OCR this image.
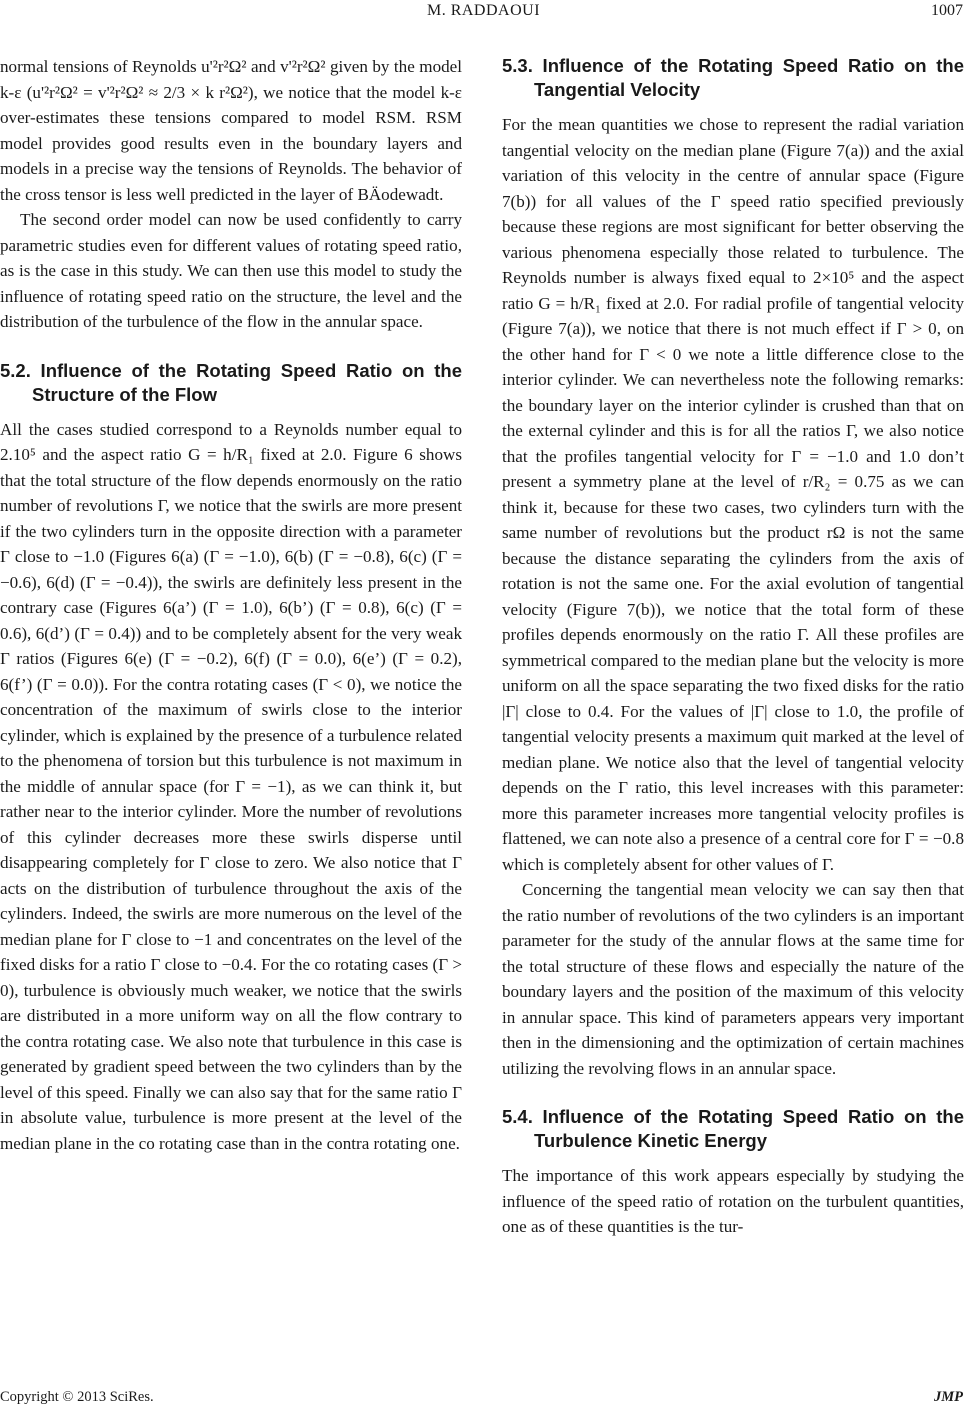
M. RADDAOUI	1007

normal tensions of Reynolds u'²r²Ω² and v'²r²Ω² given by the model k-ε (u'²r²Ω² = v'²r²Ω² ≈ 2/3 × k r²Ω²), we notice that the model k-ε over-estimates these tensions compared to model RSM. RSM model provides good results even in the boundary layers and models in a precise way the tensions of Reynolds. The behavior of the cross tensor is less well predicted in the layer of BÄodewadt.

The second order model can now be used confidently to carry parametric studies even for different values of rotating speed ratio, as is the case in this study. We can then use this model to study the influence of rotating speed ratio on the structure, the level and the distribution of the turbulence of the flow in the annular space.

5.2. Influence of the Rotating Speed Ratio on the Structure of the Flow

All the cases studied correspond to a Reynolds number equal to 2.10⁵ and the aspect ratio G = h/R₁ fixed at 2.0. Figure 6 shows that the total structure of the flow depends enormously on the ratio number of revolutions Γ, we notice that the swirls are more present if the two cylinders turn in the opposite direction with a parameter Γ close to −1.0 (Figures 6(a) (Γ = −1.0), 6(b) (Γ = −0.8), 6(c) (Γ = −0.6), 6(d) (Γ = −0.4)), the swirls are definitely less present in the contrary case (Figures 6(a’) (Γ = 1.0), 6(b’) (Γ = 0.8), 6(c) (Γ = 0.6), 6(d’) (Γ = 0.4)) and to be completely absent for the very weak Γ ratios (Figures 6(e) (Γ = −0.2), 6(f) (Γ = 0.0), 6(e’) (Γ = 0.2), 6(f’) (Γ = 0.0)). For the contra rotating cases (Γ < 0), we notice the concentration of the maximum of swirls close to the interior cylinder, which is explained by the presence of a turbulence related to the phenomena of torsion but this turbulence is not maximum in the middle of annular space (for Γ = −1), as we can think it, but rather near to the interior cylinder. More the number of revolutions of this cylinder decreases more these swirls disperse until disappearing completely for Γ close to zero. We also notice that Γ acts on the distribution of turbulence throughout the axis of the cylinders. Indeed, the swirls are more numerous on the level of the median plane for Γ close to −1 and concentrates on the level of the fixed disks for a ratio Γ close to −0.4. For the co rotating cases (Γ > 0), turbulence is obviously much weaker, we notice that the swirls are distributed in a more uniform way on all the flow contrary to the contra rotating case. We also note that turbulence in this case is generated by gradient speed between the two cylinders than by the level of this speed. Finally we can also say that for the same ratio Γ in absolute value, turbulence is more present at the level of the median plane in the co rotating case than in the contra rotating one.

5.3. Influence of the Rotating Speed Ratio on the Tangential Velocity

For the mean quantities we chose to represent the radial variation tangential velocity on the median plane (Figure 7(a)) and the axial variation of this velocity in the centre of annular space (Figure 7(b)) for all values of the Γ speed ratio specified previously because these regions are most significant for better observing the various phenomena especially those related to turbulence. The Reynolds number is always fixed equal to 2×10⁵ and the aspect ratio G = h/R₁ fixed at 2.0. For radial profile of tangential velocity (Figure 7(a)), we notice that there is not much effect if Γ > 0, on the other hand for Γ < 0 we note a little difference close to the interior cylinder. We can nevertheless note the following remarks: the boundary layer on the interior cylinder is crushed than that on the external cylinder and this is for all the ratios Γ, we also notice that the profiles tangential velocity for Γ = −1.0 and 1.0 don’t present a symmetry plane at the level of r/R₂ = 0.75 as we can think it, because for these two cases, two cylinders turn with the same number of revolutions but the product rΩ is not the same because the distance separating the cylinders from the axis of rotation is not the same one. For the axial evolution of tangential velocity (Figure 7(b)), we notice that the total form of these profiles depends enormously on the ratio Γ. All these profiles are symmetrical compared to the median plane but the velocity is more uniform on all the space separating the two fixed disks for the ratio |Γ| close to 0.4. For the values of |Γ| close to 1.0, the profile of tangential velocity presents a maximum quit marked at the level of median plane. We notice also that the level of tangential velocity depends on the Γ ratio, this level increases with this parameter: more this parameter increases more tangential velocity profiles is flattened, we can note also a presence of a central core for Γ = −0.8 which is completely absent for other values of Γ.

Concerning the tangential mean velocity we can say then that the ratio number of revolutions of the two cylinders is an important parameter for the study of the annular flows at the same time for the total structure of these flows and especially the nature of the boundary layers and the position of the maximum of this velocity in annular space. This kind of parameters appears very important then in the dimensioning and the optimization of certain machines utilizing the revolving flows in an annular space.

5.4. Influence of the Rotating Speed Ratio on the Turbulence Kinetic Energy

The importance of this work appears especially by studying the influence of the speed ratio of rotation on the turbulent quantities, one as of these quantities is the tur-

Copyright © 2013 SciRes.	JMP
